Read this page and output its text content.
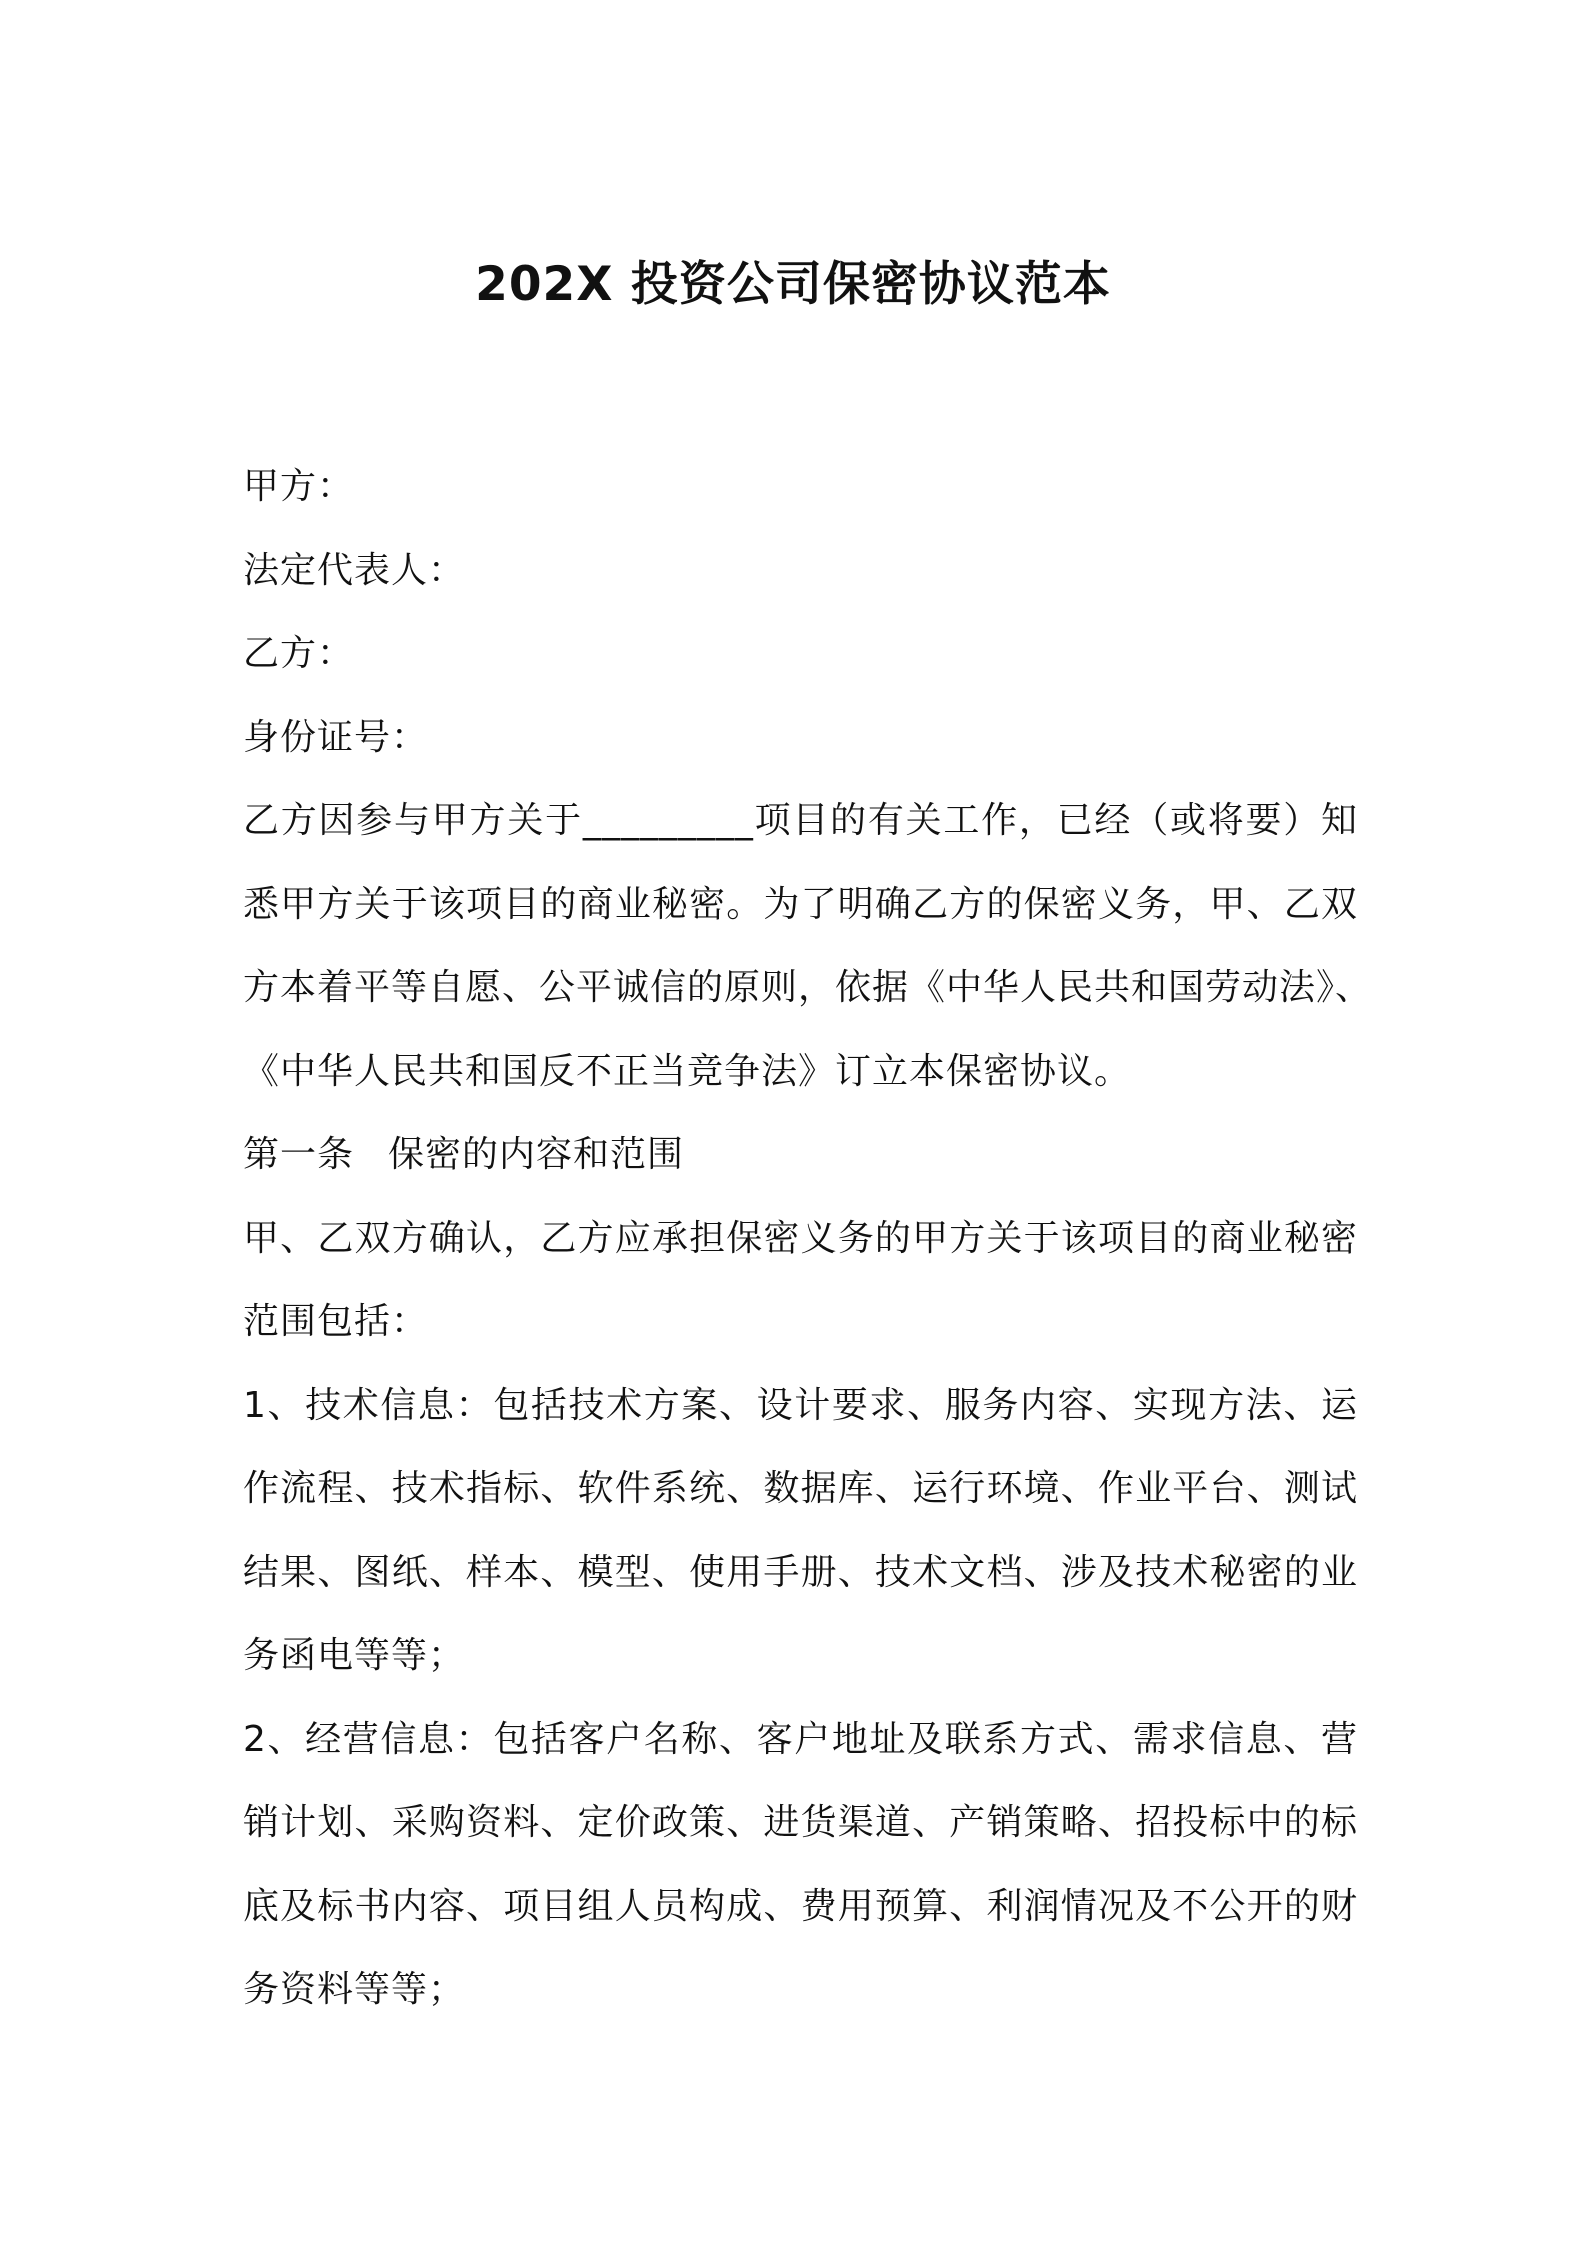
202X 投资公司保密协议范本
甲方：
法定代表人：
乙方：
身份证号：
乙方因参与甲方关于_________项目的有关工作，已经（或将要）知
悉甲方关于该项目的商业秘密。为了明确乙方的保密义务，甲、乙双
方本着平等自愿、公平诚信的原则，依据《中华人民共和国劳动法》、
《中华人民共和国反不正当竞争法》订立本保密协议。
第一条 保密的内容和范围
甲、乙双方确认，乙方应承担保密义务的甲方关于该项目的商业秘密
范围包括：
1、技术信息：包括技术方案、设计要求、服务内容、实现方法、运
作流程、技术指标、软件系统、数据库、运行环境、作业平台、测试
结果、图纸、样本、模型、使用手册、技术文档、涉及技术秘密的业
务函电等等；
2、经营信息：包括客户名称、客户地址及联系方式、需求信息、营
销计划、采购资料、定价政策、进货渠道、产销策略、招投标中的标
底及标书内容、项目组人员构成、费用预算、利润情况及不公开的财
务资料等等；
